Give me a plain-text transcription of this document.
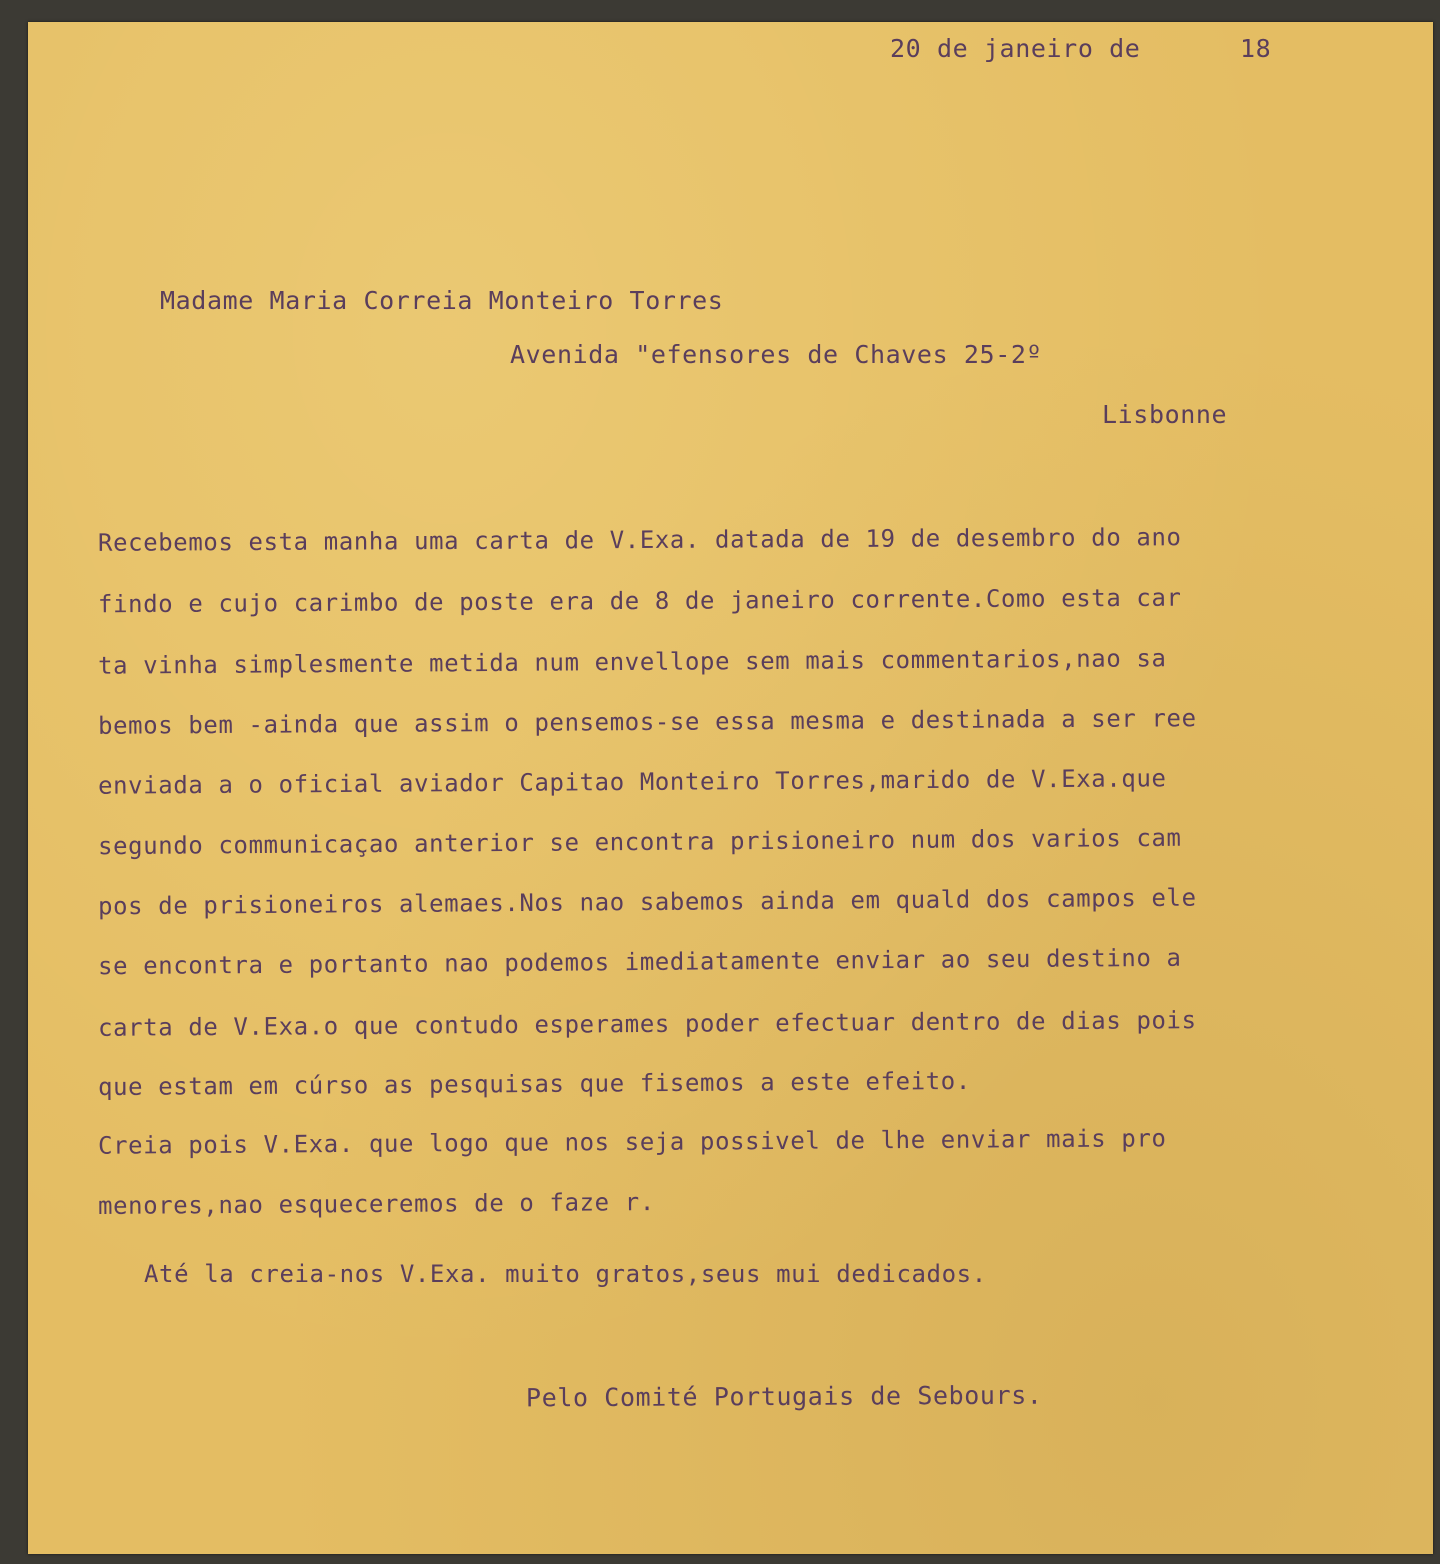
20 de janeiro de	18
Madame Maria Correia Monteiro Torres
Avenida "efensores de Chaves 25-2º
Lisbonne
Recebemos esta manha uma carta de V.Exa. datada de 19 de desembro do ano
findo e cujo carimbo de poste era de 8 de janeiro corrente.Como esta car
ta vinha simplesmente metida num envellope sem mais commentarios,nao sa
bemos bem -ainda que assim o pensemos-se essa mesma e destinada a ser ree
enviada a o oficial aviador Capitao Monteiro Torres,marido de V.Exa.que
segundo communicaçao anterior se encontra prisioneiro num dos varios cam
pos de prisioneiros alemaes.Nos nao sabemos ainda em quald dos campos ele
se encontra e portanto nao podemos imediatamente enviar ao seu destino a
carta de V.Exa.o que contudo esperames poder efectuar dentro de dias pois
que estam em cúrso as pesquisas que fisemos a este efeito.
Creia pois V.Exa. que logo que nos seja possivel de lhe enviar mais pro
menores,nao esqueceremos de o faze r.
Até la creia-nos V.Exa. muito gratos,seus mui dedicados.
Pelo Comité Portugais de Sebours.
